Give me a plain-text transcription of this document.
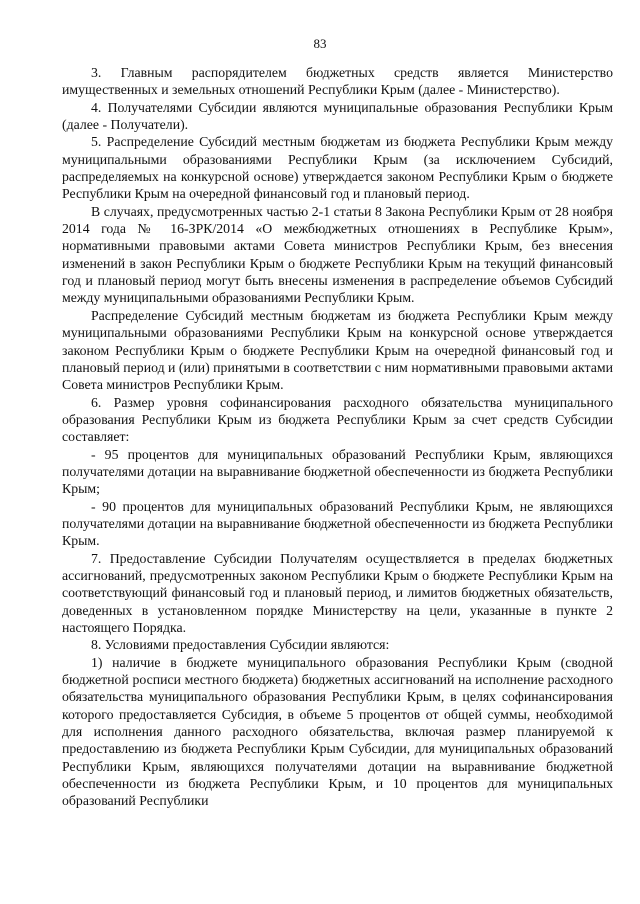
83

3. Главным распорядителем бюджетных средств является Министерство имущественных и земельных отношений Республики Крым (далее - Министерство).

4. Получателями Субсидии являются муниципальные образования Республики Крым (далее - Получатели).

5. Распределение Субсидий местным бюджетам из бюджета Республики Крым между муниципальными образованиями Республики Крым (за исключением Субсидий, распределяемых на конкурсной основе) утверждается законом Республики Крым о бюджете Республики Крым на очередной финансовый год и плановый период.

В случаях, предусмотренных частью 2-1 статьи 8 Закона Республики Крым от 28 ноября 2014 года № 16-ЗРК/2014 «О межбюджетных отношениях в Республике Крым», нормативными правовыми актами Совета министров Республики Крым, без внесения изменений в закон Республики Крым о бюджете Республики Крым на текущий финансовый год и плановый период могут быть внесены изменения в распределение объемов Субсидий между муниципальными образованиями Республики Крым.

Распределение Субсидий местным бюджетам из бюджета Республики Крым между муниципальными образованиями Республики Крым на конкурсной основе утверждается законом Республики Крым о бюджете Республики Крым на очередной финансовый год и плановый период и (или) принятыми в соответствии с ним нормативными правовыми актами Совета министров Республики Крым.

6. Размер уровня софинансирования расходного обязательства муниципального образования Республики Крым из бюджета Республики Крым за счет средств Субсидии составляет:

- 95 процентов для муниципальных образований Республики Крым, являющихся получателями дотации на выравнивание бюджетной обеспеченности из бюджета Республики Крым;

- 90 процентов для муниципальных образований Республики Крым, не являющихся получателями дотации на выравнивание бюджетной обеспеченности из бюджета Республики Крым.

7. Предоставление Субсидии Получателям осуществляется в пределах бюджетных ассигнований, предусмотренных законом Республики Крым о бюджете Республики Крым на соответствующий финансовый год и плановый период, и лимитов бюджетных обязательств, доведенных в установленном порядке Министерству на цели, указанные в пункте 2 настоящего Порядка.

8. Условиями предоставления Субсидии являются:

1) наличие в бюджете муниципального образования Республики Крым (сводной бюджетной росписи местного бюджета) бюджетных ассигнований на исполнение расходного обязательства муниципального образования Республики Крым, в целях софинансирования которого предоставляется Субсидия, в объеме 5 процентов от общей суммы, необходимой для исполнения данного расходного обязательства, включая размер планируемой к предоставлению из бюджета Республики Крым Субсидии, для муниципальных образований Республики Крым, являющихся получателями дотации на выравнивание бюджетной обеспеченности из бюджета Республики Крым, и 10 процентов для муниципальных образований Республики
